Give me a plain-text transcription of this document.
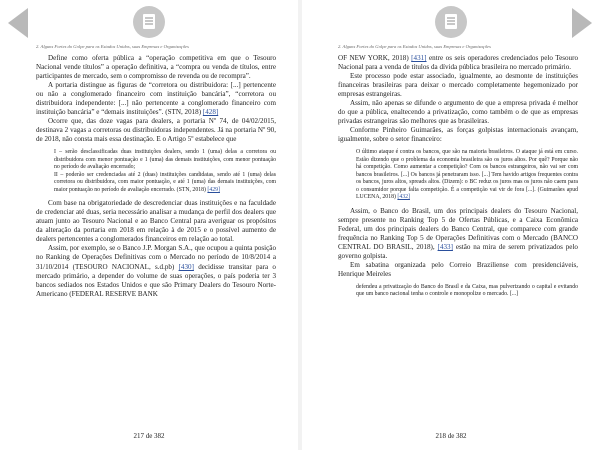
2. Alguns Fortes do Golpe para os Estados Unidos, suas Empresas e Organizações

Define como oferta pública a “operação competitiva em que o Tesouro Nacional vende títulos” a operação definitiva, a “compra ou venda de títulos, entre participantes de mercado, sem o compromisso de revenda ou de recompra”.

A portaria distingue as figuras de “corretora ou distribuidora: [...] pertencente ou não a conglomerado financeiro com instituição bancária”, “corretora ou distribuidora independente: [...] não pertencente a conglomerado financeiro com instituição bancária” e “demais instituições”. (STN, 2018) [428]

Ocorre que, das doze vagas para dealers, a portaria Nº 74, de 04/02/2015, destinava 2 vagas a corretoras ou distribuidoras independentes. Já na portaria Nº 90, de 2018, não consta mais essa destinação. E o Artigo 5º estabelece que

I – serão desclassificadas duas instituições dealers, sendo 1 (uma) delas a corretora ou distribuidora com menor pontuação e 1 (uma) das demais instituições, com menor pontuação no período de avaliação encerrado;

II – poderão ser credenciadas até 2 (duas) instituições candidatas, sendo até 1 (uma) delas corretora ou distribuidora, com maior pontuação, e até 1 (uma) das demais instituições, com maior pontuação no período de avaliação encerrado. (STN, 2018) [429]

Com base na obrigatoriedade de descredenciar duas instituições e na faculdade de credenciar até duas, seria necessário analisar a mudança de perfil dos dealers que atuam junto ao Tesouro Nacional e ao Banco Central para averiguar os propósitos da alteração da portaria em 2018 em relação à de 2015 e o possível aumento de dealers pertencentes a conglomerados financeiros em relação ao total.

Assim, por exemplo, se o Banco J.P. Morgan S.A., que ocupou a quinta posição no Ranking de Operações Definitivas com o Mercado no período de 10/8/2014 a 31/10/2014 (TESOURO NACIONAL, s.d.pb) [430] decidisse transitar para o mercado primário, a depender do volume de suas operações, o país poderia ter 3 bancos sediados nos Estados Unidos e que são Primary Dealers do Tesouro Norte-Americano (FEDERAL RESERVE BANK

217 de 382
2. Alguns Fortes do Golpe para os Estados Unidos, suas Empresas e Organizações

OF NEW YORK, 2018) [431] entre os seis operadores credenciados pelo Tesouro Nacional para a venda de títulos da dívida pública brasileira no mercado primário.

Este processo pode estar associado, igualmente, ao desmonte de instituições financeiras brasileiras para deixar o mercado completamente hegemonizado por empresas estrangeiras.

Assim, não apenas se difunde o argumento de que a empresa privada é melhor do que a pública, enaltecendo a privatização, como também o de que as empresas privadas estrangeiras são melhores que as brasileiras.

Conforme Pinheiro Guimarães, as forças golpistas internacionais avançam, igualmente, sobre o setor financeiro:

O último ataque é contra os bancos, que são na maioria brasileiros. O ataque já está em curso. Estão dizendo que o problema da economia brasileira são os juros altos. Por quê? Porque não há competição. Como aumentar a competição? Com os bancos estrangeiros, não vai ser com bancos brasileiros. [...] Os bancos já penetraram isso. [...] Tem havido artigos frequentes contra os bancos, juros altos, spreads altos. (Dizem): o BC reduz os juros mas os juros não caem para o consumidor porque falta competição. É a competição vai vir de fora [...]. (Guimarães apud LUCENA, 2018) [432]

Assim, o Banco do Brasil, um dos principais dealers do Tesouro Nacional, sempre presente no Ranking Top 5 de Ofertas Públicas, e a Caixa Econômica Federal, um dos principais dealers do Banco Central, que comparece com grande frequência no Ranking Top 5 de Operações Definitivas com o Mercado (BANCO CENTRAL DO BRASIL, 2018), [433] estão na mira de serem privatizados pelo governo golpista.

Em sabatina organizada pelo Correio Braziliense com presidenciáveis, Henrique Meireles

defendeu a privatização do Banco do Brasil e da Caixa, mas pulverizando o capital e evitando que um banco nacional tenha o controle e monopolize o mercado. [...]

218 de 382
